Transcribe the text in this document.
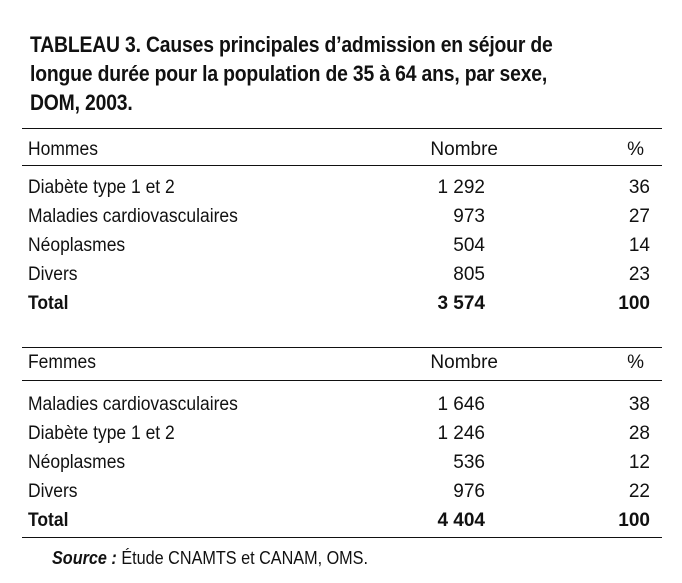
TABLEAU 3. Causes principales d’admission en séjour de longue durée pour la population de 35 à 64 ans, par sexe, DOM, 2003.
Hommes	Nombre	%
Diabète type 1 et 2	1 292	36
Maladies cardiovasculaires	973	27
Néoplasmes	504	14
Divers	805	23
Total	3 574	100
Femmes	Nombre	%
Maladies cardiovasculaires	1 646	38
Diabète type 1 et 2	1 246	28
Néoplasmes	536	12
Divers	976	22
Total	4 404	100
Source : Étude CNAMTS et CANAM, OMS.
